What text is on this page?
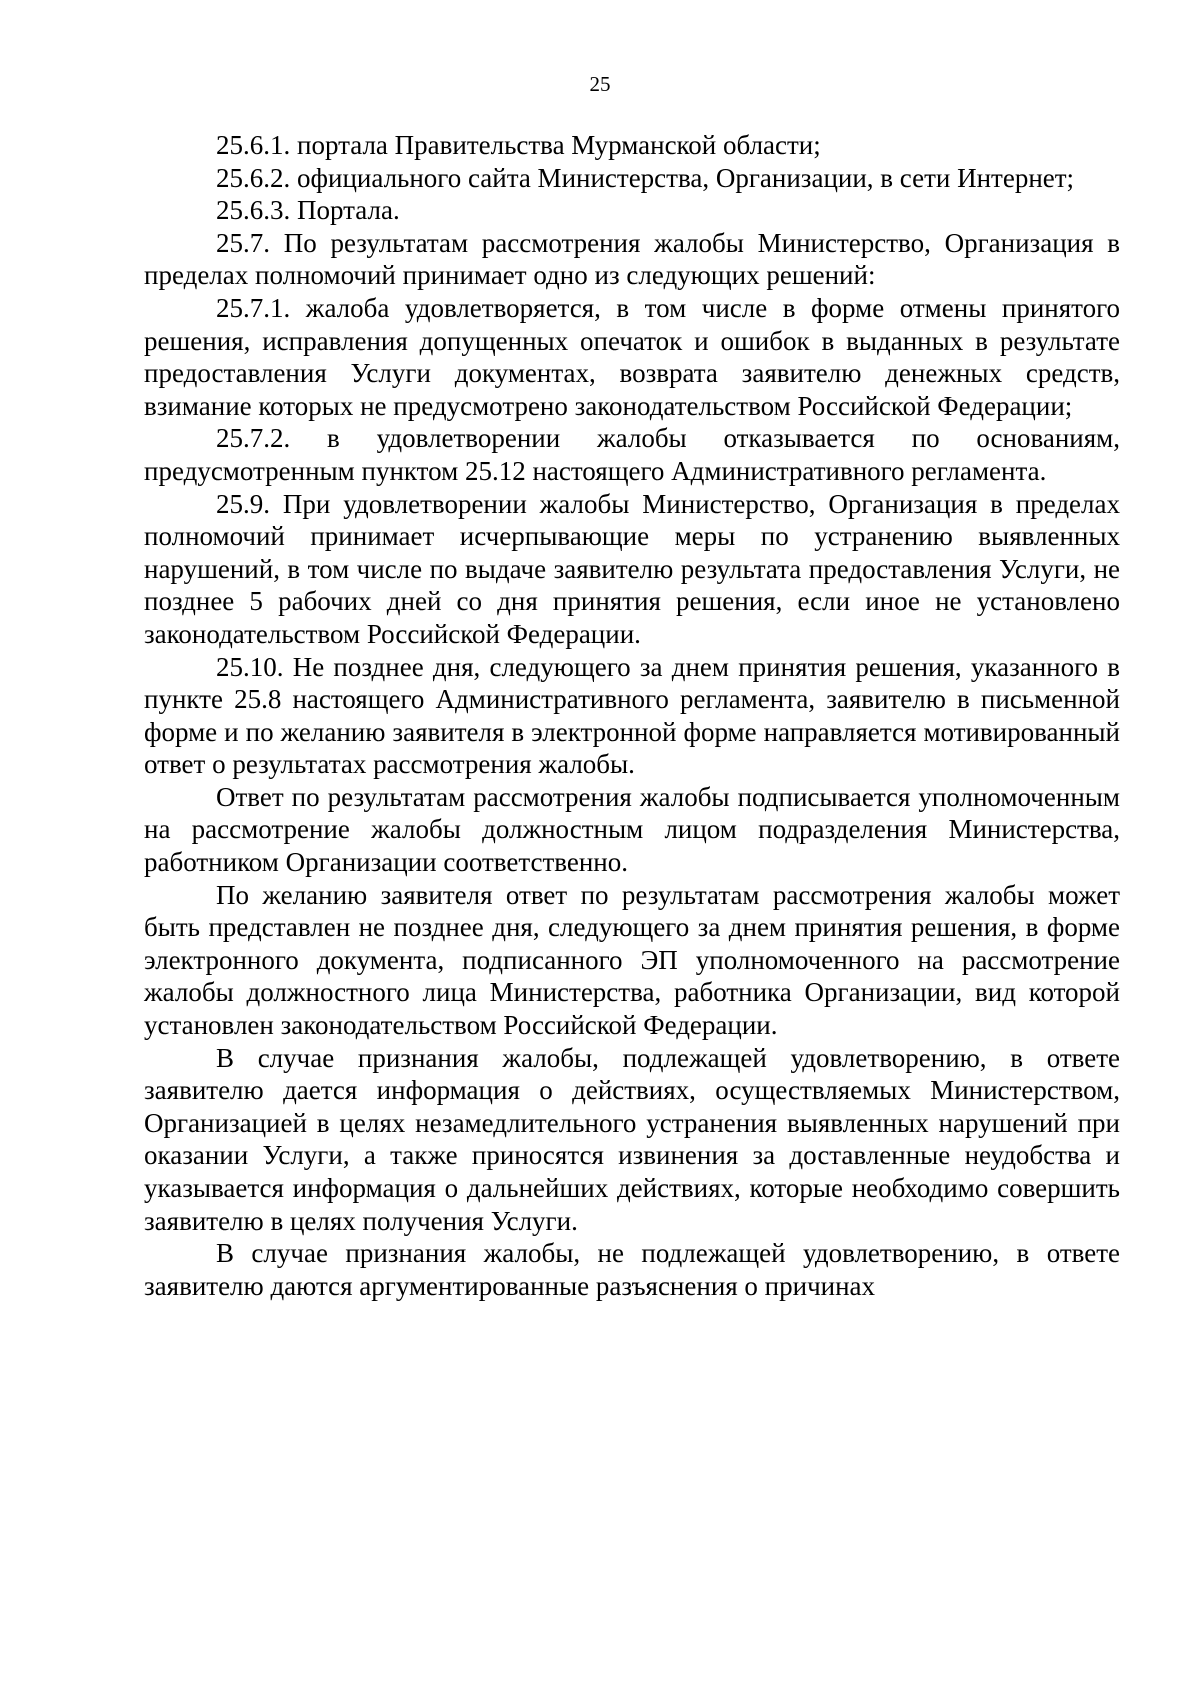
25

25.6.1. портала Правительства Мурманской области;

25.6.2. официального сайта Министерства, Организации, в сети Интернет;

25.6.3. Портала.

25.7. По результатам рассмотрения жалобы Министерство, Организация в пределах полномочий принимает одно из следующих решений:

25.7.1. жалоба удовлетворяется, в том числе в форме отмены принятого решения, исправления допущенных опечаток и ошибок в выданных в результате предоставления Услуги документах, возврата заявителю денежных средств, взимание которых не предусмотрено законодательством Российской Федерации;

25.7.2. в удовлетворении жалобы отказывается по основаниям, предусмотренным пунктом 25.12 настоящего Административного регламента.

25.9. При удовлетворении жалобы Министерство, Организация в пределах полномочий принимает исчерпывающие меры по устранению выявленных нарушений, в том числе по выдаче заявителю результата предоставления Услуги, не позднее 5 рабочих дней со дня принятия решения, если иное не установлено законодательством Российской Федерации.

25.10. Не позднее дня, следующего за днем принятия решения, указанного в пункте 25.8 настоящего Административного регламента, заявителю в письменной форме и по желанию заявителя в электронной форме направляется мотивированный ответ о результатах рассмотрения жалобы.

Ответ по результатам рассмотрения жалобы подписывается уполномоченным на рассмотрение жалобы должностным лицом подразделения Министерства, работником Организации соответственно.

По желанию заявителя ответ по результатам рассмотрения жалобы может быть представлен не позднее дня, следующего за днем принятия решения, в форме электронного документа, подписанного ЭП уполномоченного на рассмотрение жалобы должностного лица Министерства, работника Организации, вид которой установлен законодательством Российской Федерации.

В случае признания жалобы, подлежащей удовлетворению, в ответе заявителю дается информация о действиях, осуществляемых Министерством, Организацией в целях незамедлительного устранения выявленных нарушений при оказании Услуги, а также приносятся извинения за доставленные неудобства и указывается информация о дальнейших действиях, которые необходимо совершить заявителю в целях получения Услуги.

В случае признания жалобы, не подлежащей удовлетворению, в ответе заявителю даются аргументированные разъяснения о причинах
